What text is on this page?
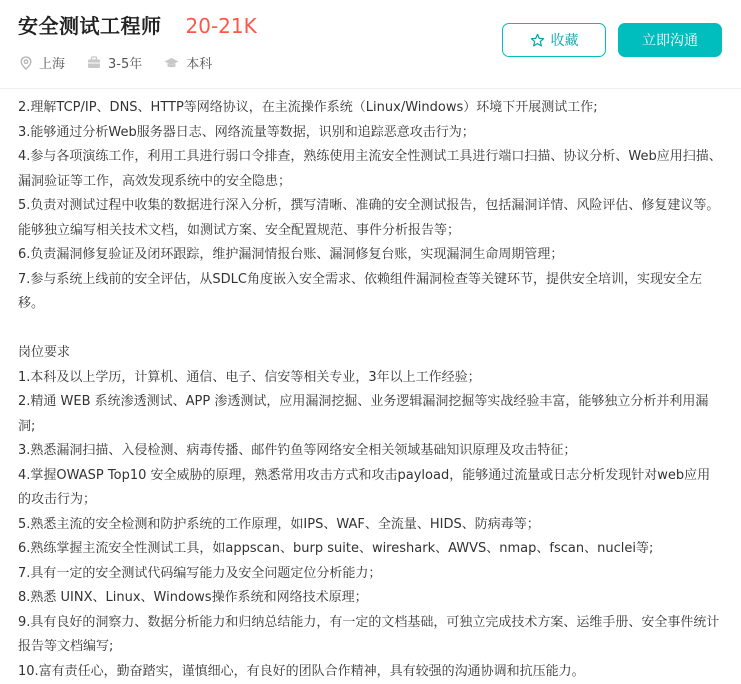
安全测试工程师 20-21K
上海	3-5年	本科
收藏	立即沟通

2.理解TCP/IP、DNS、HTTP等网络协议，在主流操作系统（Linux/Windows）环境下开展测试工作;

3.能够通过分析Web服务器日志、网络流量等数据，识别和追踪恶意攻击行为；

4.参与各项演练工作，利用工具进行弱口令排查，熟练使用主流安全性测试工具进行端口扫描、协议分析、Web应用扫描、漏洞验证等工作，高效发现系统中的安全隐患；

5.负责对测试过程中收集的数据进行深入分析，撰写清晰、准确的安全测试报告，包括漏洞详情、风险评估、修复建议等。能够独立编写相关技术文档，如测试方案、安全配置规范、事件分析报告等；

6.负责漏洞修复验证及闭环跟踪，维护漏洞情报台账、漏洞修复台账，实现漏洞生命周期管理；

7.参与系统上线前的安全评估，从SDLC角度嵌入安全需求、依赖组件漏洞检查等关键环节，提供安全培训，实现安全左移。

岗位要求

1.本科及以上学历，计算机、通信、电子、信安等相关专业，3年以上工作经验；

2.精通 WEB 系统渗透测试、APP 渗透测试，应用漏洞挖掘、业务逻辑漏洞挖掘等实战经验丰富，能够独立分析并利用漏洞;

3.熟悉漏洞扫描、入侵检测、病毒传播、邮件钓鱼等网络安全相关领域基础知识原理及攻击特征；

4.掌握OWASP Top10 安全威胁的原理，熟悉常用攻击方式和攻击payload，能够通过流量或日志分析发现针对web应用的攻击行为；

5.熟悉主流的安全检测和防护系统的工作原理，如IPS、WAF、全流量、HIDS、防病毒等；

6.熟练掌握主流安全性测试工具，如appscan、burp suite、wireshark、AWVS、nmap、fscan、nuclei等;

7.具有一定的安全测试代码编写能力及安全问题定位分析能力；

8.熟悉 UINX、Linux、Windows操作系统和网络技术原理；

9.具有良好的洞察力、数据分析能力和归纳总结能力，有一定的文档基础，可独立完成技术方案、运维手册、安全事件统计报告等文档编写;

10.富有责任心，勤奋踏实，谨慎细心，有良好的团队合作精神，具有较强的沟通协调和抗压能力。
